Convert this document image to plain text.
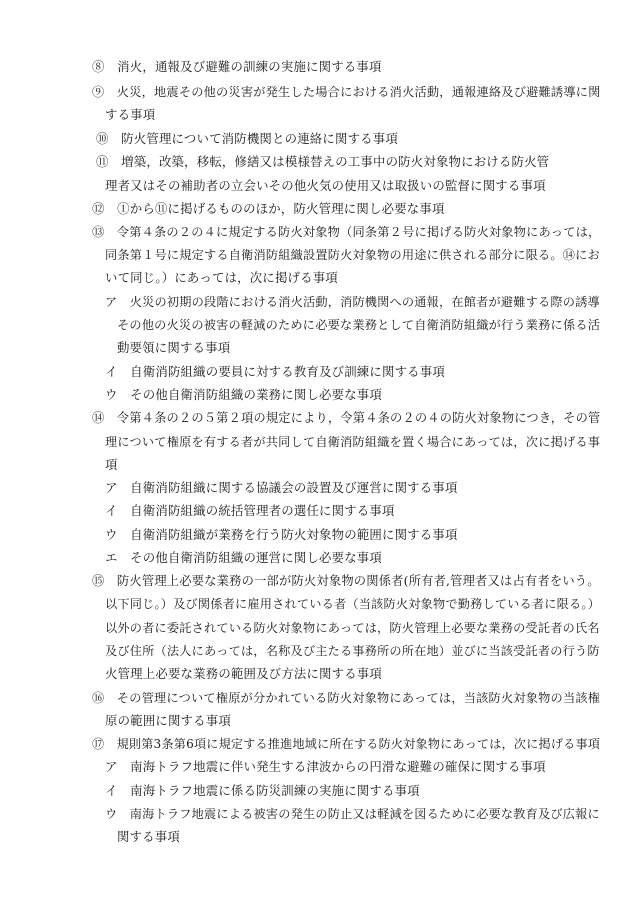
⑧　消火，通報及び避難の訓練の実施に関する事項
⑨　火災，地震その他の災害が発生した場合における消火活動，通報連絡及び避難誘導に関
する事項
⑩　防火管理について消防機関との連絡に関する事項
⑪　増築，改築，移転，修繕又は模様替えの工事中の防火対象物における防火管
理者又はその補助者の立会いその他火気の使用又は取扱いの監督に関する事項
⑫　①から⑪に掲げるもののほか，防火管理に関し必要な事項
⑬　令第４条の２の４に規定する防火対象物（同条第２号に掲げる防火対象物にあっては，
同条第１号に規定する自衛消防組織設置防火対象物の用途に供される部分に限る。⑭にお
いて同じ。）にあっては，次に掲げる事項
ア　火災の初期の段階における消火活動，消防機関への通報，在館者が避難する際の誘導
その他の火災の被害の軽減のために必要な業務として自衛消防組織が行う業務に係る活
動要領に関する事項
イ　自衛消防組織の要員に対する教育及び訓練に関する事項
ウ　その他自衛消防組織の業務に関し必要な事項
⑭　令第４条の２の５第２項の規定により，令第４条の２の４の防火対象物につき，その管
理について権原を有する者が共同して自衛消防組織を置く場合にあっては，次に掲げる事
項
ア　自衛消防組織に関する協議会の設置及び運営に関する事項
イ　自衛消防組織の統括管理者の選任に関する事項
ウ　自衛消防組織が業務を行う防火対象物の範囲に関する事項
エ　その他自衛消防組織の運営に関し必要な事項
⑮　防火管理上必要な業務の一部が防火対象物の関係者(所有者,管理者又は占有者をいう。
以下同じ。）及び関係者に雇用されている者（当該防火対象物で勤務している者に限る。）
以外の者に委託されている防火対象物にあっては，防火管理上必要な業務の受託者の氏名
及び住所（法人にあっては，名称及び主たる事務所の所在地）並びに当該受託者の行う防
火管理上必要な業務の範囲及び方法に関する事項
⑯　その管理について権原が分かれている防火対象物にあっては，当該防火対象物の当該権
原の範囲に関する事項
⑰　規則第3条第6項に規定する推進地域に所在する防火対象物にあっては，次に掲げる事項
ア　南海トラフ地震に伴い発生する津波からの円滑な避難の確保に関する事項
イ　南海トラフ地震に係る防災訓練の実施に関する事項
ウ　南海トラフ地震による被害の発生の防止又は軽減を図るために必要な教育及び広報に
関する事項
